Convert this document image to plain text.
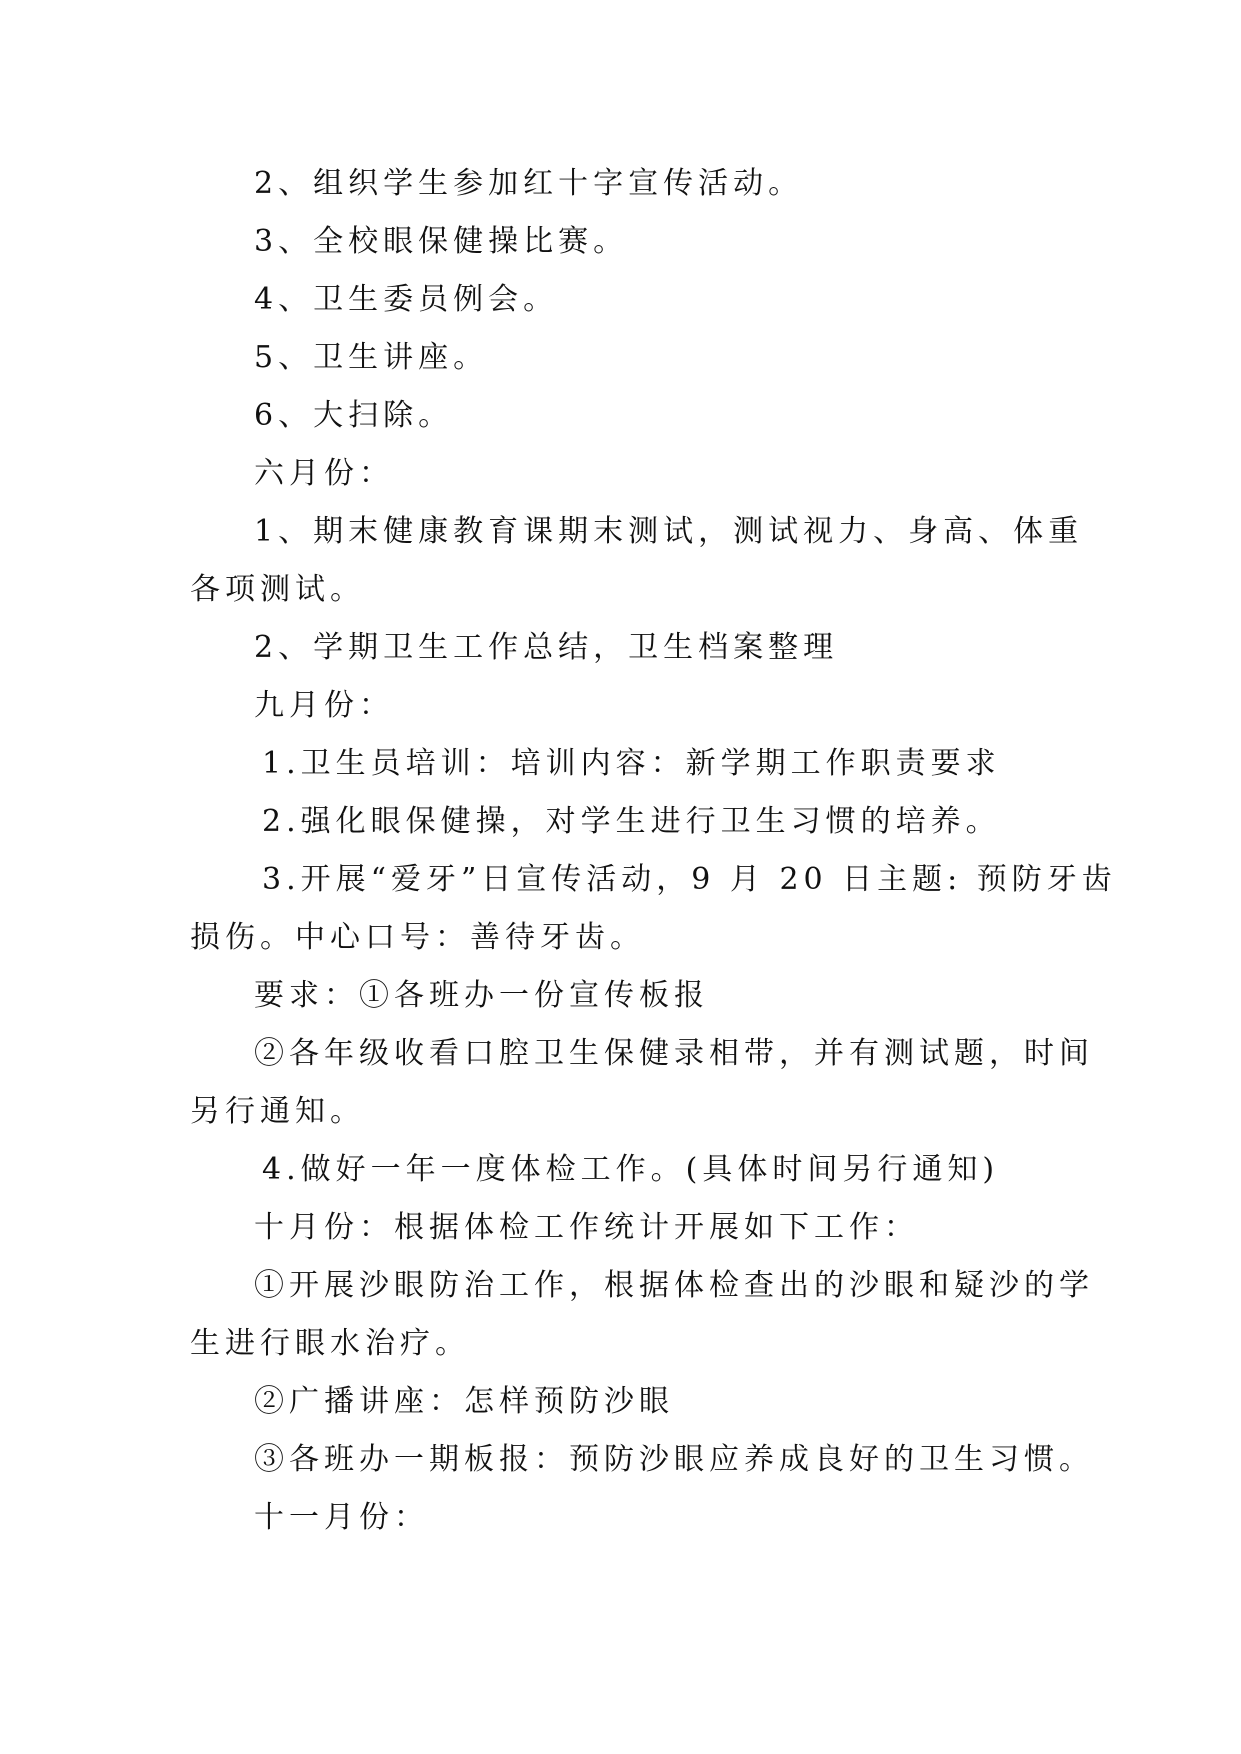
2、组织学生参加红十字宣传活动。
3、全校眼保健操比赛。
4、卫生委员例会。
5、卫生讲座。
6、大扫除。
六月份：
1、期末健康教育课期末测试，测试视力、身高、体重
各项测试。
2、学期卫生工作总结，卫生档案整理
九月份：
1.卫生员培训：培训内容：新学期工作职责要求
2.强化眼保健操，对学生进行卫生习惯的培养。
3.开展“爱牙”日宣传活动，9 月 20 日主题: 预防牙齿
损伤。中心口号：善待牙齿。
要求：①各班办一份宣传板报
②各年级收看口腔卫生保健录相带，并有测试题，时间
另行通知。
4.做好一年一度体检工作。(具体时间另行通知)
十月份：根据体检工作统计开展如下工作：
①开展沙眼防治工作，根据体检查出的沙眼和疑沙的学
生进行眼水治疗。
②广播讲座：怎样预防沙眼
③各班办一期板报：预防沙眼应养成良好的卫生习惯。
十一月份：
